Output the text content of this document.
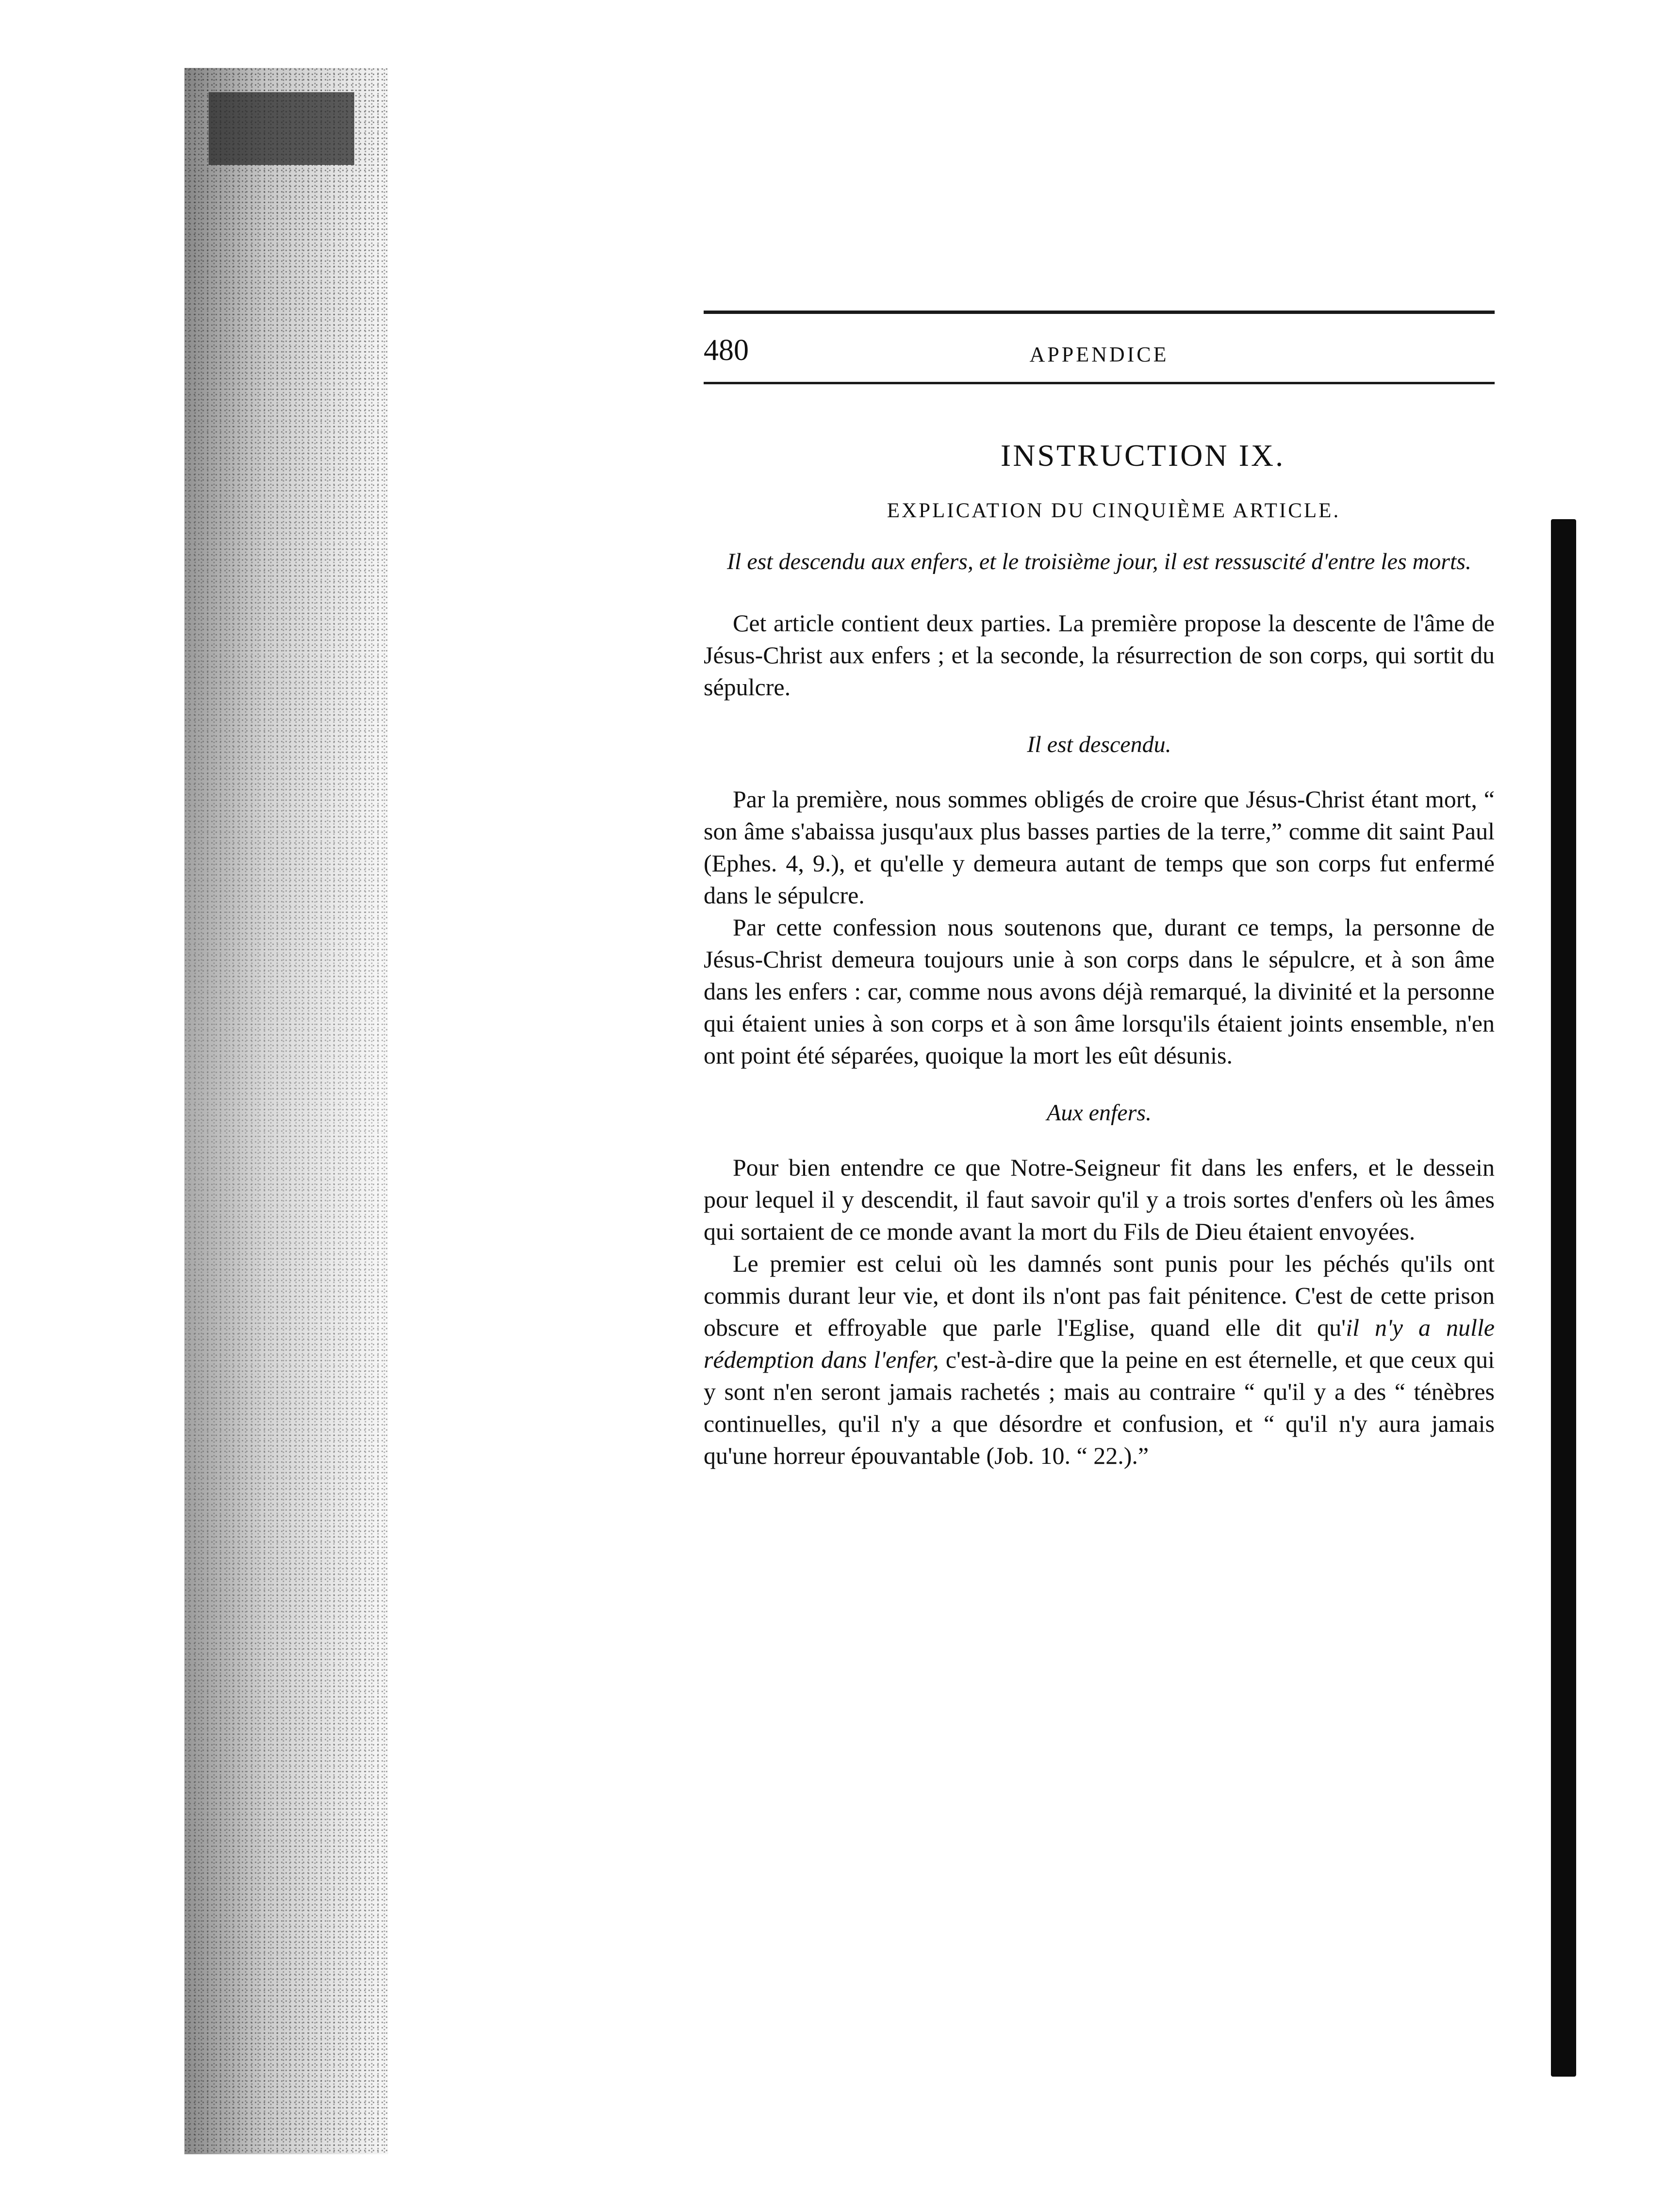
480	APPENDICE
INSTRUCTION IX.
EXPLICATION DU CINQUIÈME ARTICLE.
Il est descendu aux enfers, et le troisième jour, il est ressuscité d'entre les morts.

Cet article contient deux parties. La première propose la descente de l'âme de Jésus-Christ aux enfers ; et la seconde, la résurrection de son corps, qui sortit du sépulcre.

Il est descendu.

Par la première, nous sommes obligés de croire que Jésus-Christ étant mort, “ son âme s'abaissa jusqu'aux plus basses parties de la terre,” comme dit saint Paul (Ephes. 4, 9.), et qu'elle y demeura autant de temps que son corps fut enfermé dans le sépulcre.

Par cette confession nous soutenons que, durant ce temps, la personne de Jésus-Christ demeura toujours unie à son corps dans le sépulcre, et à son âme dans les enfers : car, comme nous avons déjà remarqué, la divinité et la personne qui étaient unies à son corps et à son âme lorsqu'ils étaient joints ensemble, n'en ont point été séparées, quoique la mort les eût désunis.

Aux enfers.

Pour bien entendre ce que Notre-Seigneur fit dans les enfers, et le dessein pour lequel il y descendit, il faut savoir qu'il y a trois sortes d'enfers où les âmes qui sortaient de ce monde avant la mort du Fils de Dieu étaient envoyées.

Le premier est celui où les damnés sont punis pour les péchés qu'ils ont commis durant leur vie, et dont ils n'ont pas fait pénitence. C'est de cette prison obscure et effroyable que parle l'Eglise, quand elle dit qu'il n'y a nulle rédemption dans l'enfer, c'est-à-dire que la peine en est éternelle, et que ceux qui y sont n'en seront jamais rachetés ; mais au contraire “ qu'il y a des “ ténèbres continuelles, qu'il n'y a que désordre et confusion, et “ qu'il n'y aura jamais qu'une horreur épouvantable (Job. 10. “ 22.).”
